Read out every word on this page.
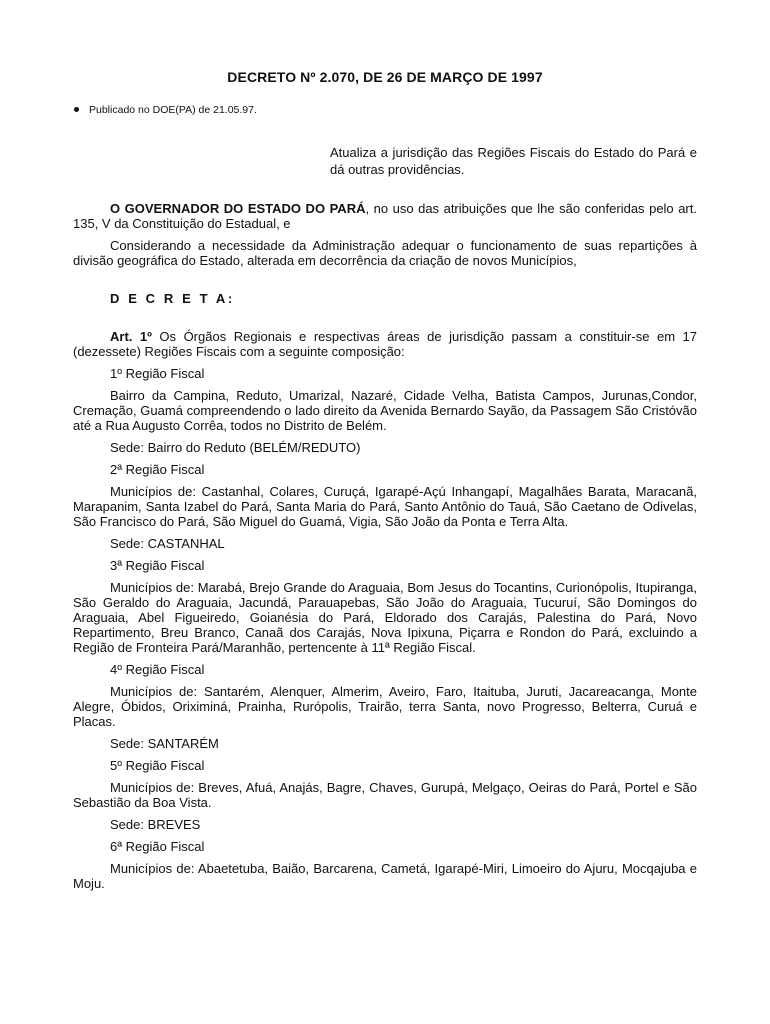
DECRETO Nº 2.070, DE 26 DE MARÇO DE 1997
Publicado no DOE(PA) de 21.05.97.
Atualiza a jurisdição das Regiões Fiscais do Estado do Pará e dá outras providências.

O GOVERNADOR DO ESTADO DO PARÁ, no uso das atribuições que lhe são conferidas pelo art. 135, V da Constituição do Estadual, e

Considerando a necessidade da Administração adequar o funcionamento de suas repartições à divisão geográfica do Estado, alterada em decorrência da criação de novos Municípios,

D E C R E T A:

Art. 1º Os Órgãos Regionais e respectivas áreas de jurisdição passam a constituir-se em 17 (dezessete) Regiões Fiscais com a seguinte composição:

1º Região Fiscal

Bairro da Campina, Reduto, Umarizal, Nazaré, Cidade Velha, Batista Campos, Jurunas,Condor, Cremação, Guamá compreendendo o lado direito da Avenida Bernardo Sayão, da Passagem São Cristóvão até a Rua Augusto Corrêa, todos no Distrito de Belém.

Sede: Bairro do Reduto (BELÉM/REDUTO)

2ª Região Fiscal

Municípios de: Castanhal, Colares, Curuçá, Igarapé-Açú Inhangapí, Magalhães Barata, Maracanã, Marapanim, Santa Izabel do Pará, Santa Maria do Pará, Santo Antônio do Tauá, São Caetano de Odivelas, São Francisco do Pará, São Miguel do Guamá, Vigia, São João da Ponta e Terra Alta.

Sede: CASTANHAL

3ª Região Fiscal

Municípios de: Marabá, Brejo Grande do Araguaia, Bom Jesus do Tocantins, Curionópolis, Itupiranga, São Geraldo do Araguaia, Jacundá, Parauapebas, São João do Araguaia, Tucuruí, São Domingos do Araguaia, Abel Figueiredo, Goianésia do Pará, Eldorado dos Carajás, Palestina do Pará, Novo Repartimento, Breu Branco, Canaã dos Carajás, Nova Ipixuna, Piçarra e Rondon do Pará, excluindo a Região de Fronteira Pará/Maranhão, pertencente à 11ª Região Fiscal.

4º Região Fiscal

Municípios de: Santarém, Alenquer, Almerim, Aveiro, Faro, Itaituba, Juruti, Jacareacanga, Monte Alegre, Óbidos, Oriximiná, Prainha, Rurópolis, Trairão, terra Santa, novo Progresso, Belterra, Curuá e Placas.

Sede: SANTARÉM

5º Região Fiscal

Municípios de: Breves, Afuá, Anajás, Bagre, Chaves, Gurupá, Melgaço, Oeiras do Pará, Portel e São Sebastião da Boa Vista.

Sede: BREVES

6ª Região Fiscal

Municípios de: Abaetetuba, Baião, Barcarena, Cametá, Igarapé-Miri, Limoeiro do Ajuru, Mocqajuba e Moju.
